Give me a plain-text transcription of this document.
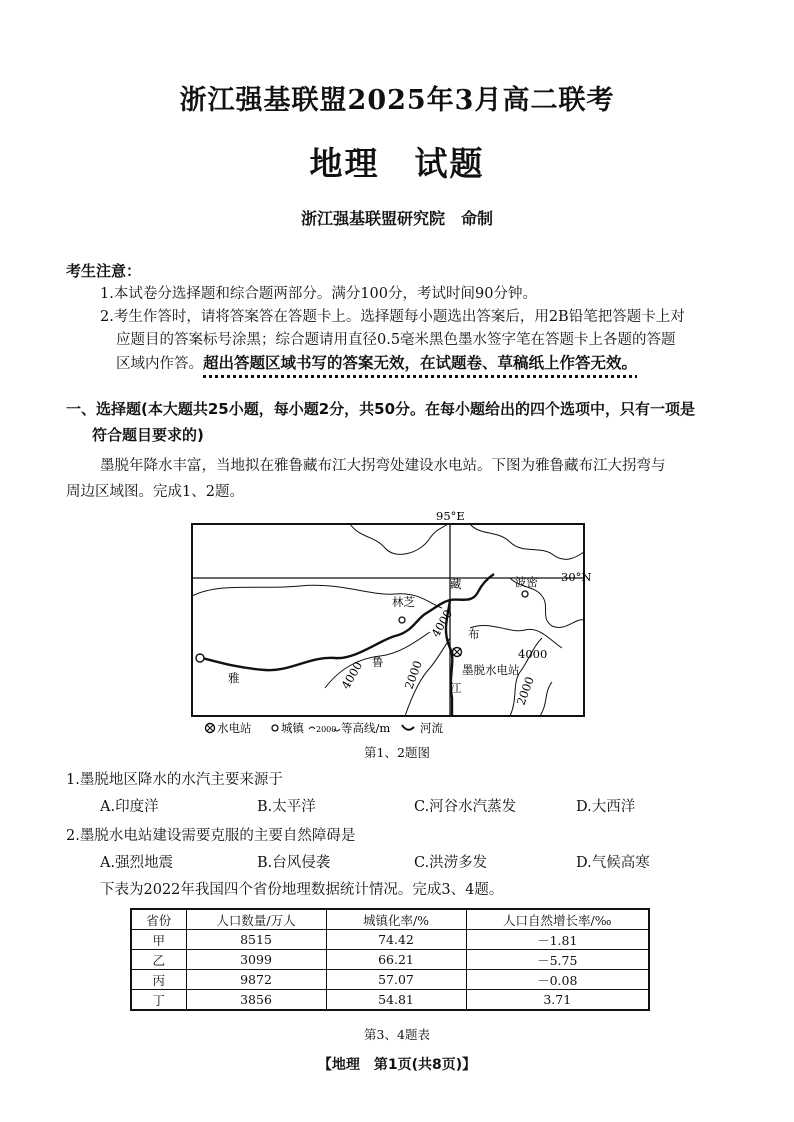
浙江强基联盟2025年3月高二联考
地理　试题
浙江强基联盟研究院　命制
考生注意：
1.本试卷分选择题和综合题两部分。满分100分，考试时间90分钟。
2.考生作答时，请将答案答在答题卡上。选择题每小题选出答案后，用2B铅笔把答题卡上对
应题目的答案标号涂黑；综合题请用直径0.5毫米黑色墨水签字笔在答题卡上各题的答题
区域内作答。超出答题区域书写的答案无效，在试题卷、草稿纸上作答无效。
一、选择题(本大题共25小题，每小题2分，共50分。在每小题给出的四个选项中，只有一项是
符合题目要求的)
墨脱年降水丰富，当地拟在雅鲁藏布江大拐弯处建设水电站。下图为雅鲁藏布江大拐弯与
周边区域图。完成1、2题。
95°E
30°N
林芝
波密
墨脱水电站
雅
鲁
藏
布
江
4000
4000
4000
2000	2000
水电站	城镇 2000 等高线/m	河流
第1、2题图
1.墨脱地区降水的水汽主要来源于
A.印度洋	B.太平洋	C.河谷水汽蒸发	D.大西洋
2.墨脱水电站建设需要克服的主要自然障碍是
A.强烈地震	B.台风侵袭	C.洪涝多发	D.气候高寒
下表为2022年我国四个省份地理数据统计情况。完成3、4题。
省份	人口数量/万人	城镇化率/%	人口自然增长率/‰
甲	8515	74.42	－1.81
乙	3099	66.21	－5.75
丙	9872	57.07	－0.08
丁	3856	54.81	3.71
第3、4题表
【地理　第1页(共8页)】
